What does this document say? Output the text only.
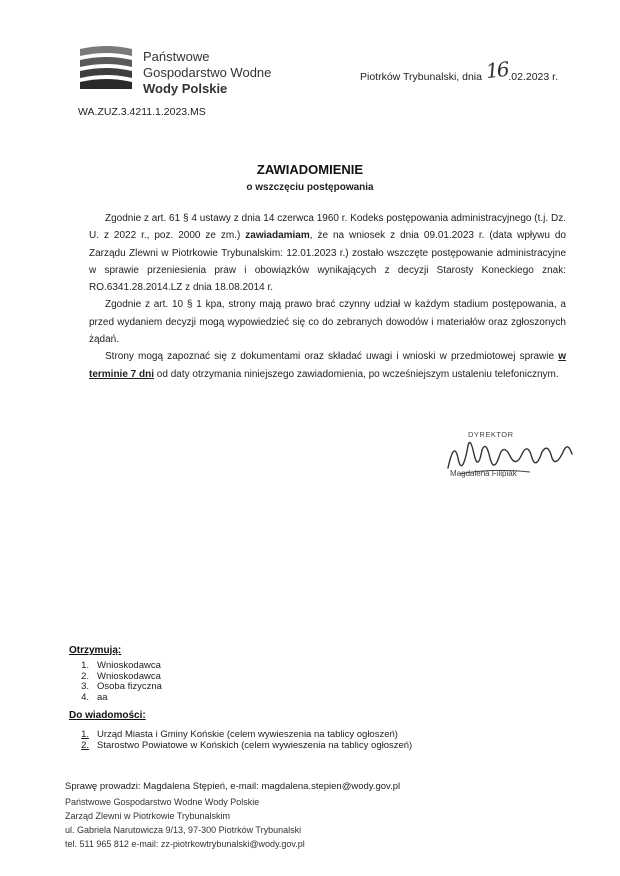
Państwowe
Gospodarstwo Wodne
Wody Polskie
WA.ZUZ.3.4211.1.2023.MS
Piotrków Trybunalski, dnia 16.02.2023 r.
ZAWIADOMIENIE
o wszczęciu postępowania

Zgodnie z art. 61 § 4 ustawy z dnia 14 czerwca 1960 r. Kodeks postępowania administracyjnego (t.j. Dz. U. z 2022 r., poz. 2000 ze zm.) zawiadamiam, że na wniosek z dnia 09.01.2023 r. (data wpływu do Zarządu Zlewni w Piotrkowie Trybunalskim: 12.01.2023 r.) zostało wszczęte postępowanie administracyjne w sprawie przeniesienia praw i obowiązków wynikających z decyzji Starosty Koneckiego znak: RO.6341.28.2014.LZ z dnia 18.08.2014 r.

Zgodnie z art. 10 § 1 kpa, strony mają prawo brać czynny udział w każdym stadium postępowania, a przed wydaniem decyzji mogą wypowiedzieć się co do zebranych dowodów i materiałów oraz zgłoszonych żądań.

Strony mogą zapoznać się z dokumentami oraz składać uwagi i wnioski w przedmiotowej sprawie w terminie 7 dni od daty otrzymania niniejszego zawiadomienia, po wcześniejszym ustaleniu telefonicznym.

DYREKTOR
Magdalena Filipiak
Otrzymują:
1. Wnioskodawca
2. Wnioskodawca
3. Osoba fizyczna
4. aa
Do wiadomości:
1. Urząd Miasta i Gminy Końskie (celem wywieszenia na tablicy ogłoszeń)
2. Starostwo Powiatowe w Końskich (celem wywieszenia na tablicy ogłoszeń)
Sprawę prowadzi: Magdalena Stępień, e-mail: magdalena.stepien@wody.gov.pl
Państwowe Gospodarstwo Wodne Wody Polskie
Zarząd Zlewni w Piotrkowie Trybunalskim
ul. Gabriela Narutowicza 9/13, 97-300 Piotrków Trybunalski
tel. 511 965 812 e-mail: zz-piotrkowtrybunalski@wody.gov.pl
